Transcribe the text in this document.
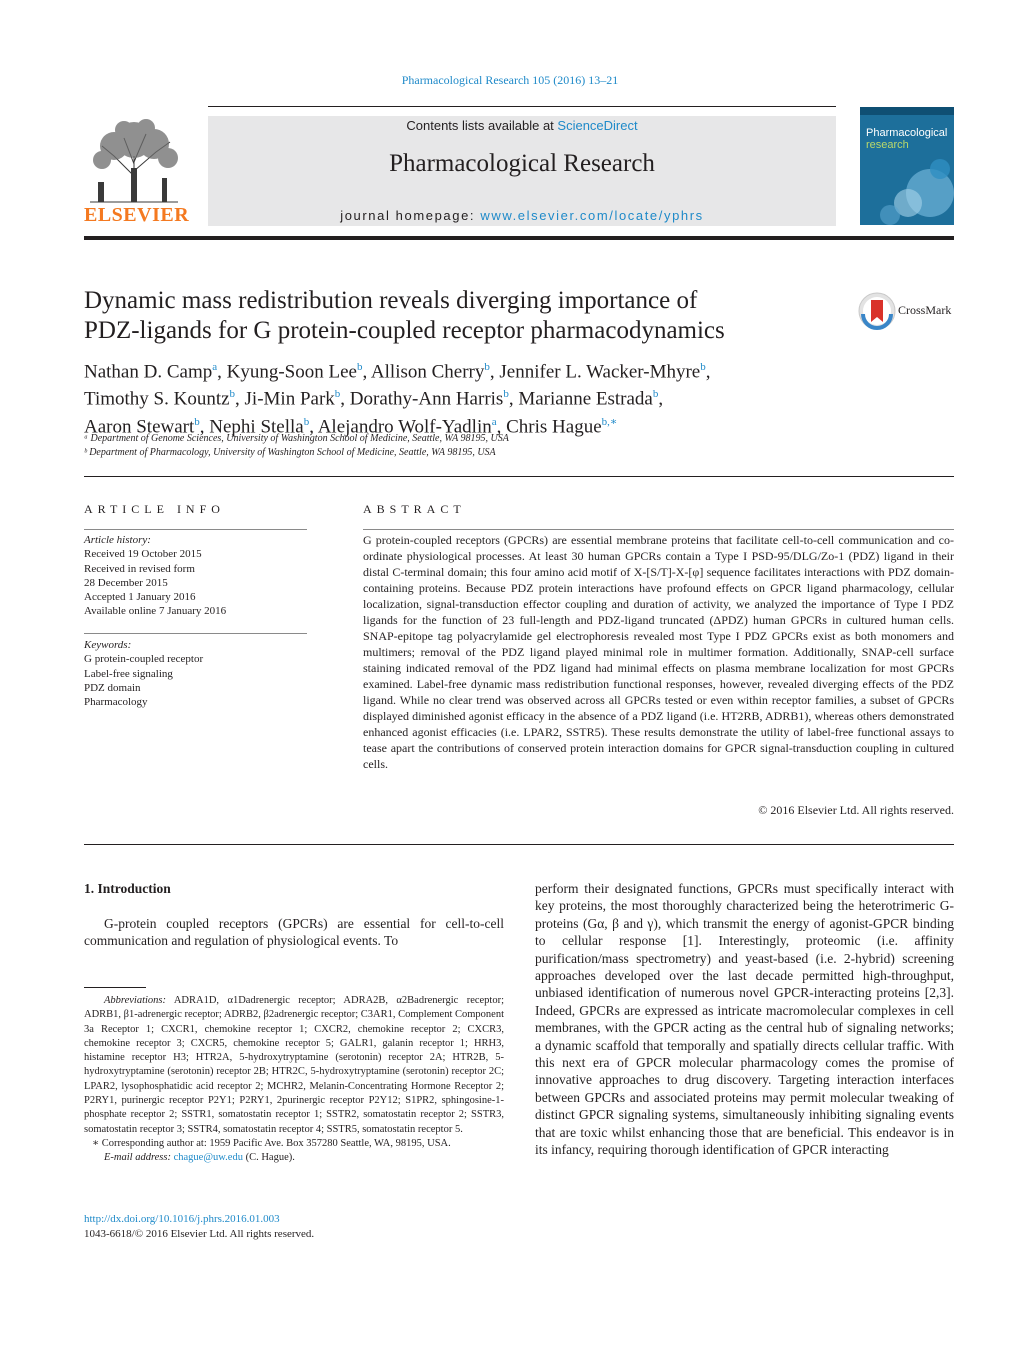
Pharmacological Research 105 (2016) 13–21
ELSEVIER
Contents lists available at ScienceDirect
Pharmacological Research
journal homepage: www.elsevier.com/locate/yphrs
Pharmacological
research
Dynamic mass redistribution reveals diverging importance of
PDZ-ligands for G protein-coupled receptor pharmacodynamics
CrossMark
Nathan D. Camp$^a$, Kyung-Soon Lee$^b$, Allison Cherry$^b$, Jennifer L. Wacker-Mhyre$^b$,
Timothy S. Kountz$^b$, Ji-Min Park$^b$, Dorathy-Ann Harris$^b$, Marianne Estrada$^b$,
Aaron Stewart$^b$, Nephi Stella$^b$, Alejandro Wolf-Yadlin$^a$, Chris Hague$^{b,∗}$
ᵃ Department of Genome Sciences, University of Washington School of Medicine, Seattle, WA 98195, USA
ᵇ Department of Pharmacology, University of Washington School of Medicine, Seattle, WA 98195, USA
ARTICLE INFO
Article history:
Received 19 October 2015
Received in revised form
28 December 2015
Accepted 1 January 2016
Available online 7 January 2016
Keywords:
G protein-coupled receptor
Label-free signaling
PDZ domain
Pharmacology
ABSTRACT
G protein-coupled receptors (GPCRs) are essential membrane proteins that facilitate cell-to-cell communication and co-ordinate physiological processes. At least 30 human GPCRs contain a Type I PSD-95/DLG/Zo-1 (PDZ) ligand in their distal C-terminal domain; this four amino acid motif of X-[S/T]-X-[φ] sequence facilitates interactions with PDZ domain-containing proteins. Because PDZ protein interactions have profound effects on GPCR ligand pharmacology, cellular localization, signal-transduction effector coupling and duration of activity, we analyzed the importance of Type I PDZ ligands for the function of 23 full-length and PDZ-ligand truncated (ΔPDZ) human GPCRs in cultured human cells. SNAP-epitope tag polyacrylamide gel electrophoresis revealed most Type I PDZ GPCRs exist as both monomers and multimers; removal of the PDZ ligand played minimal role in multimer formation. Additionally, SNAP-cell surface staining indicated removal of the PDZ ligand had minimal effects on plasma membrane localization for most GPCRs examined. Label-free dynamic mass redistribution functional responses, however, revealed diverging effects of the PDZ ligand. While no clear trend was observed across all GPCRs tested or even within receptor families, a subset of GPCRs displayed diminished agonist efficacy in the absence of a PDZ ligand (i.e. HT2RB, ADRB1), whereas others demonstrated enhanced agonist efficacies (i.e. LPAR2, SSTR5). These results demonstrate the utility of label-free functional assays to tease apart the contributions of conserved protein interaction domains for GPCR signal-transduction coupling in cultured cells.
© 2016 Elsevier Ltd. All rights reserved.
1. Introduction
G-protein coupled receptors (GPCRs) are essential for cell-to-cell communication and regulation of physiological events. To
perform their designated functions, GPCRs must specifically interact with key proteins, the most thoroughly characterized being the heterotrimeric G-proteins (Gα, β and γ), which transmit the energy of agonist-GPCR binding to cellular response [1]. Interestingly, proteomic (i.e. affinity purification/mass spectrometry) and yeast-based (i.e. 2-hybrid) screening approaches developed over the last decade permitted high-throughput, unbiased identification of numerous novel GPCR-interacting proteins [2,3]. Indeed, GPCRs are expressed as intricate macromolecular complexes in cell membranes, with the GPCR acting as the central hub of signaling networks; a dynamic scaffold that temporally and spatially directs cellular traffic. With this next era of GPCR molecular pharmacology comes the promise of innovative approaches to drug discovery. Targeting interaction interfaces between GPCRs and associated proteins may permit molecular tweaking of distinct GPCR signaling systems, simultaneously inhibiting signaling events that are toxic whilst enhancing those that are beneficial. This endeavor is in its infancy, requiring thorough identification of GPCR interacting
Abbreviations: ADRA1D, α1Dadrenergic receptor; ADRA2B, α2Badrenergic receptor; ADRB1, β1-adrenergic receptor; ADRB2, β2adrenergic receptor; C3AR1, Complement Component 3a Receptor 1; CXCR1, chemokine receptor 1; CXCR2, chemokine receptor 2; CXCR3, chemokine receptor 3; CXCR5, chemokine receptor 5; GALR1, galanin receptor 1; HRH3, histamine receptor H3; HTR2A, 5-hydroxytryptamine (serotonin) receptor 2A; HTR2B, 5-hydroxytryptamine (serotonin) receptor 2B; HTR2C, 5-hydroxytryptamine (serotonin) receptor 2C; LPAR2, lysophosphatidic acid receptor 2; MCHR2, Melanin-Concentrating Hormone Receptor 2; P2RY1, purinergic receptor P2Y1; P2RY1, 2purinergic receptor P2Y12; S1PR2, sphingosine-1-phosphate receptor 2; SSTR1, somatostatin receptor 1; SSTR2, somatostatin receptor 2; SSTR3, somatostatin receptor 3; SSTR4, somatostatin receptor 4; SSTR5, somatostatin receptor 5.
∗ Corresponding author at: 1959 Pacific Ave. Box 357280 Seattle, WA, 98195, USA.
E-mail address: chague@uw.edu (C. Hague).
http://dx.doi.org/10.1016/j.phrs.2016.01.003
1043-6618/© 2016 Elsevier Ltd. All rights reserved.
